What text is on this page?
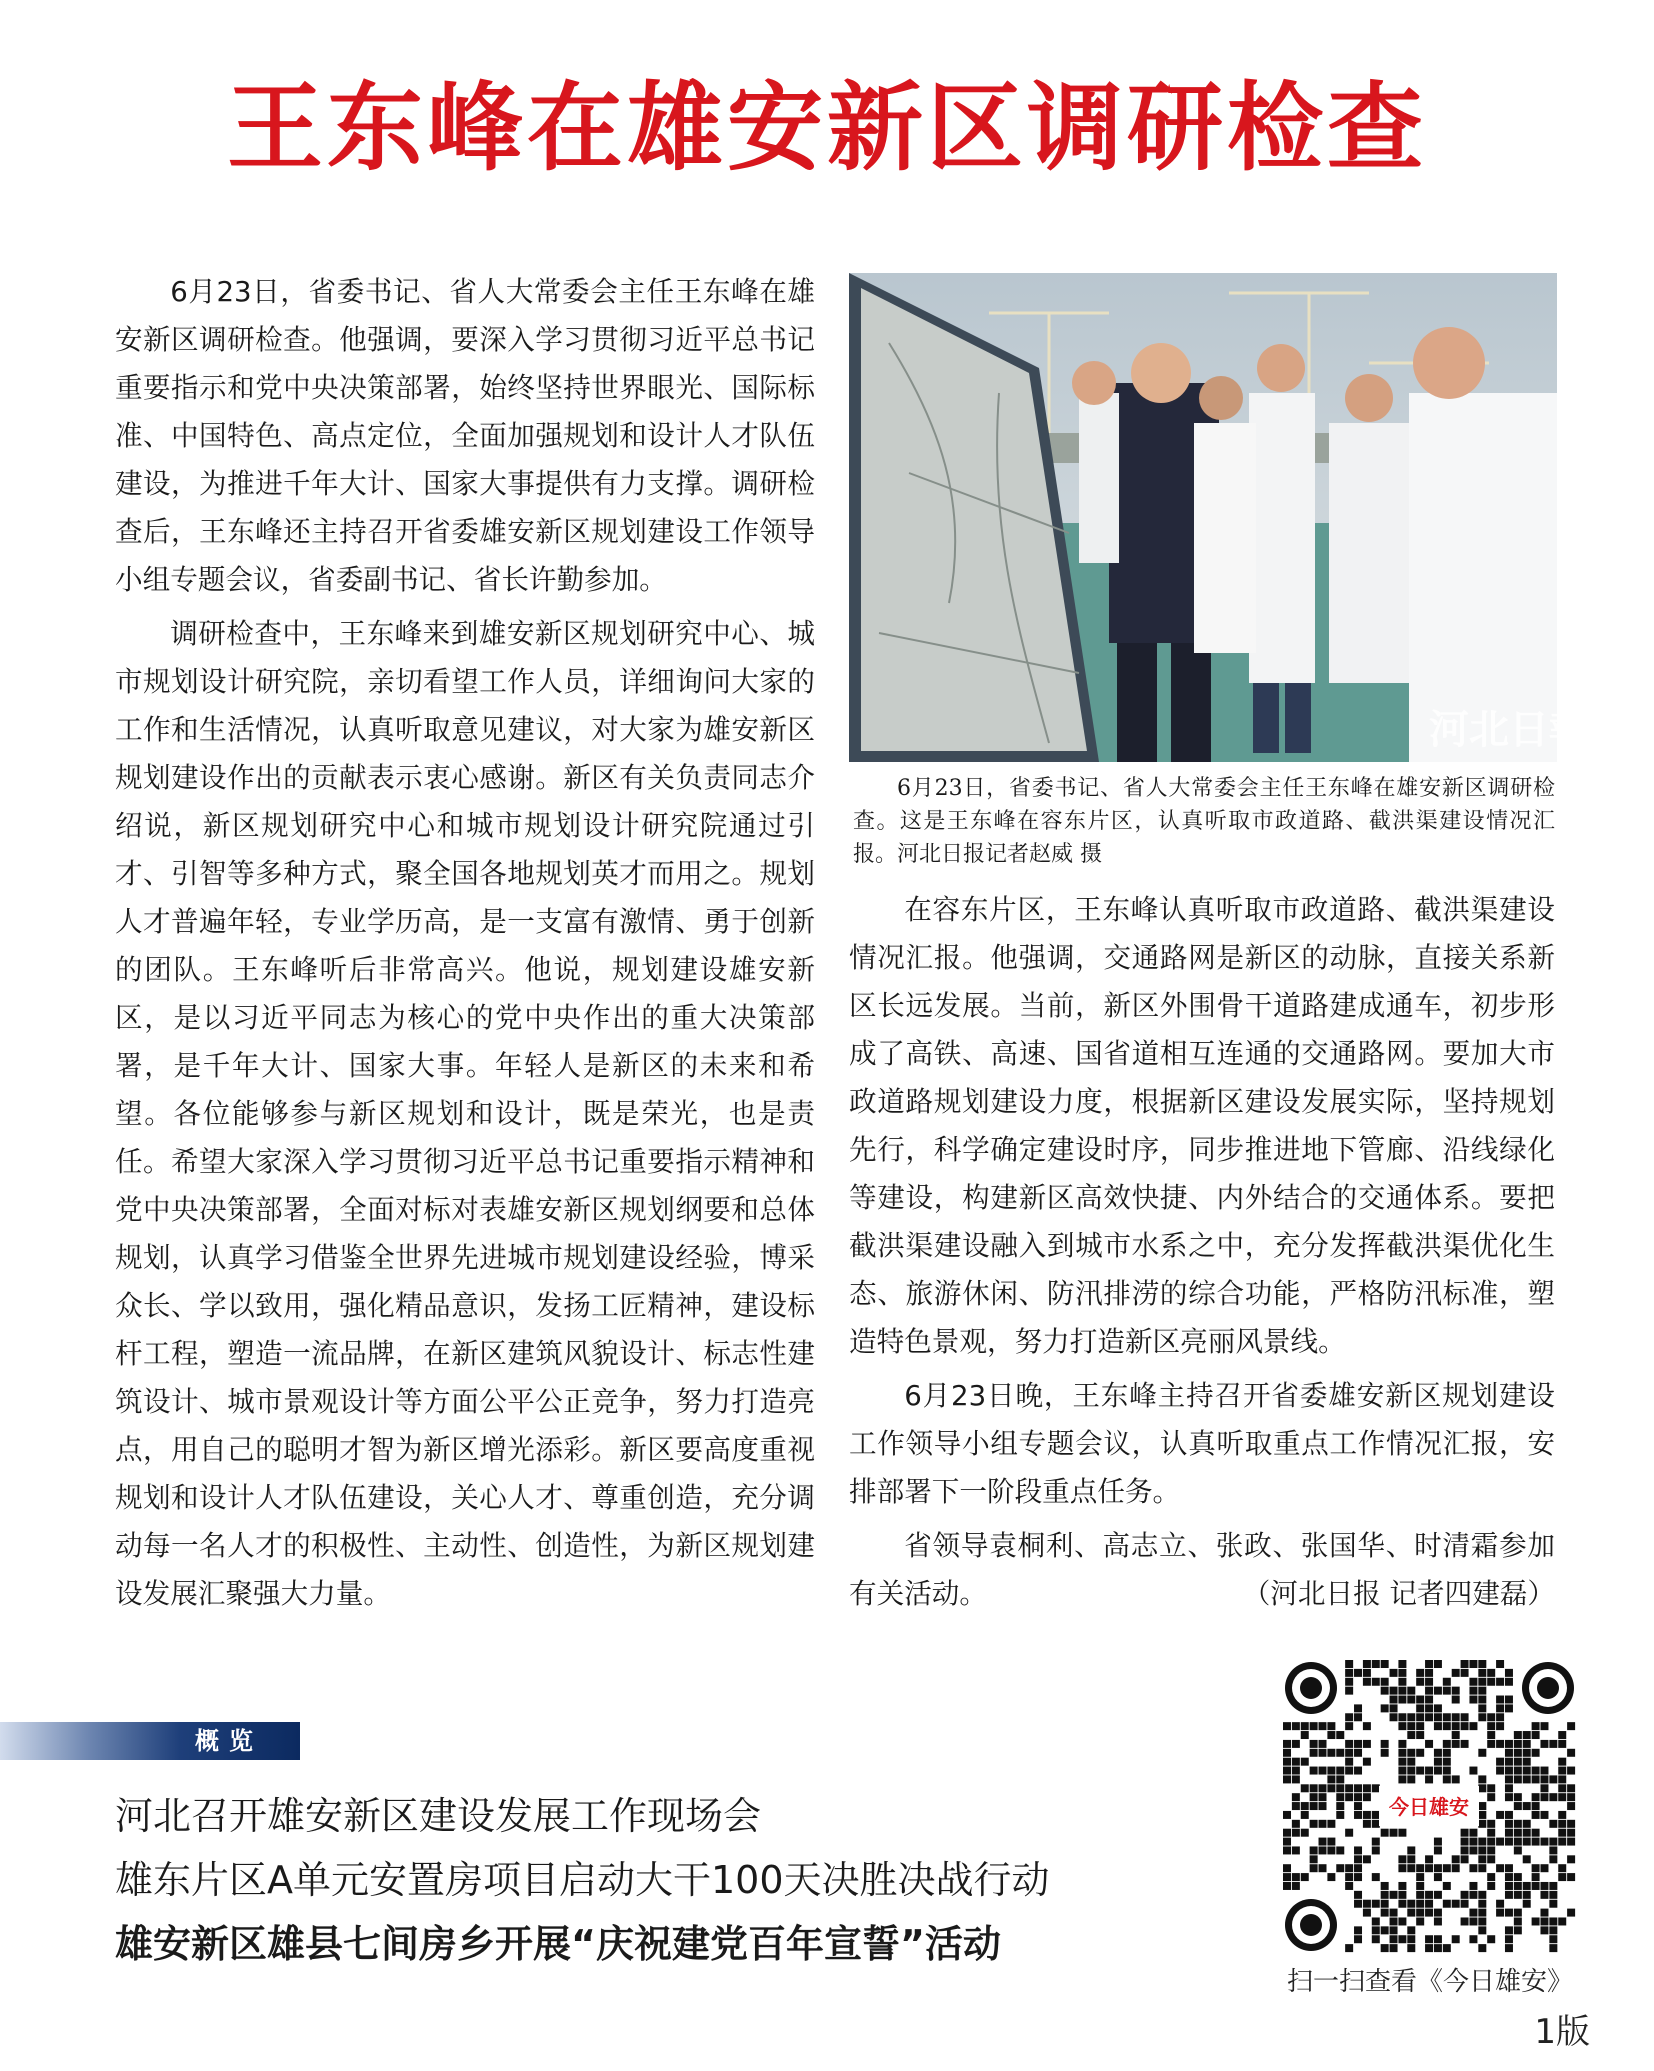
王东峰在雄安新区调研检查

6月23日，省委书记、省人大常委会主任王东峰在雄安新区调研检查。他强调，要深入学习贯彻习近平总书记重要指示和党中央决策部署，始终坚持世界眼光、国际标准、中国特色、高点定位，全面加强规划和设计人才队伍建设，为推进千年大计、国家大事提供有力支撑。调研检查后，王东峰还主持召开省委雄安新区规划建设工作领导小组专题会议，省委副书记、省长许勤参加。

调研检查中，王东峰来到雄安新区规划研究中心、城市规划设计研究院，亲切看望工作人员，详细询问大家的工作和生活情况，认真听取意见建议，对大家为雄安新区规划建设作出的贡献表示衷心感谢。新区有关负责同志介绍说，新区规划研究中心和城市规划设计研究院通过引才、引智等多种方式，聚全国各地规划英才而用之。规划人才普遍年轻，专业学历高，是一支富有激情、勇于创新的团队。王东峰听后非常高兴。他说，规划建设雄安新区，是以习近平同志为核心的党中央作出的重大决策部署，是千年大计、国家大事。年轻人是新区的未来和希望。各位能够参与新区规划和设计，既是荣光，也是责任。希望大家深入学习贯彻习近平总书记重要指示精神和党中央决策部署，全面对标对表雄安新区规划纲要和总体规划，认真学习借鉴全世界先进城市规划建设经验，博采众长、学以致用，强化精品意识，发扬工匠精神，建设标杆工程，塑造一流品牌，在新区建筑风貌设计、标志性建筑设计、城市景观设计等方面公平公正竞争，努力打造亮点，用自己的聪明才智为新区增光添彩。新区要高度重视规划和设计人才队伍建设，关心人才、尊重创造，充分调动每一名人才的积极性、主动性、创造性，为新区规划建设发展汇聚强大力量。

河北日報
6月23日，省委书记、省人大常委会主任王东峰在雄安新区调研检查。这是王东峰在容东片区，认真听取市政道路、截洪渠建设情况汇报。河北日报记者赵威 摄

在容东片区，王东峰认真听取市政道路、截洪渠建设情况汇报。他强调，交通路网是新区的动脉，直接关系新区长远发展。当前，新区外围骨干道路建成通车，初步形成了高铁、高速、国省道相互连通的交通路网。要加大市政道路规划建设力度，根据新区建设发展实际，坚持规划先行，科学确定建设时序，同步推进地下管廊、沿线绿化等建设，构建新区高效快捷、内外结合的交通体系。要把截洪渠建设融入到城市水系之中，充分发挥截洪渠优化生态、旅游休闲、防汛排涝的综合功能，严格防汛标准，塑造特色景观，努力打造新区亮丽风景线。

6月23日晚，王东峰主持召开省委雄安新区规划建设工作领导小组专题会议，认真听取重点工作情况汇报，安排部署下一阶段重点任务。

省领导袁桐利、高志立、张政、张国华、时清霜参加有关活动。	（河北日报 记者四建磊）

概览
河北召开雄安新区建设发展工作现场会
雄东片区A单元安置房项目启动大干100天决胜决战行动
雄安新区雄县七间房乡开展“庆祝建党百年宣誓”活动
今日雄安
扫一扫查看《今日雄安》
1版
